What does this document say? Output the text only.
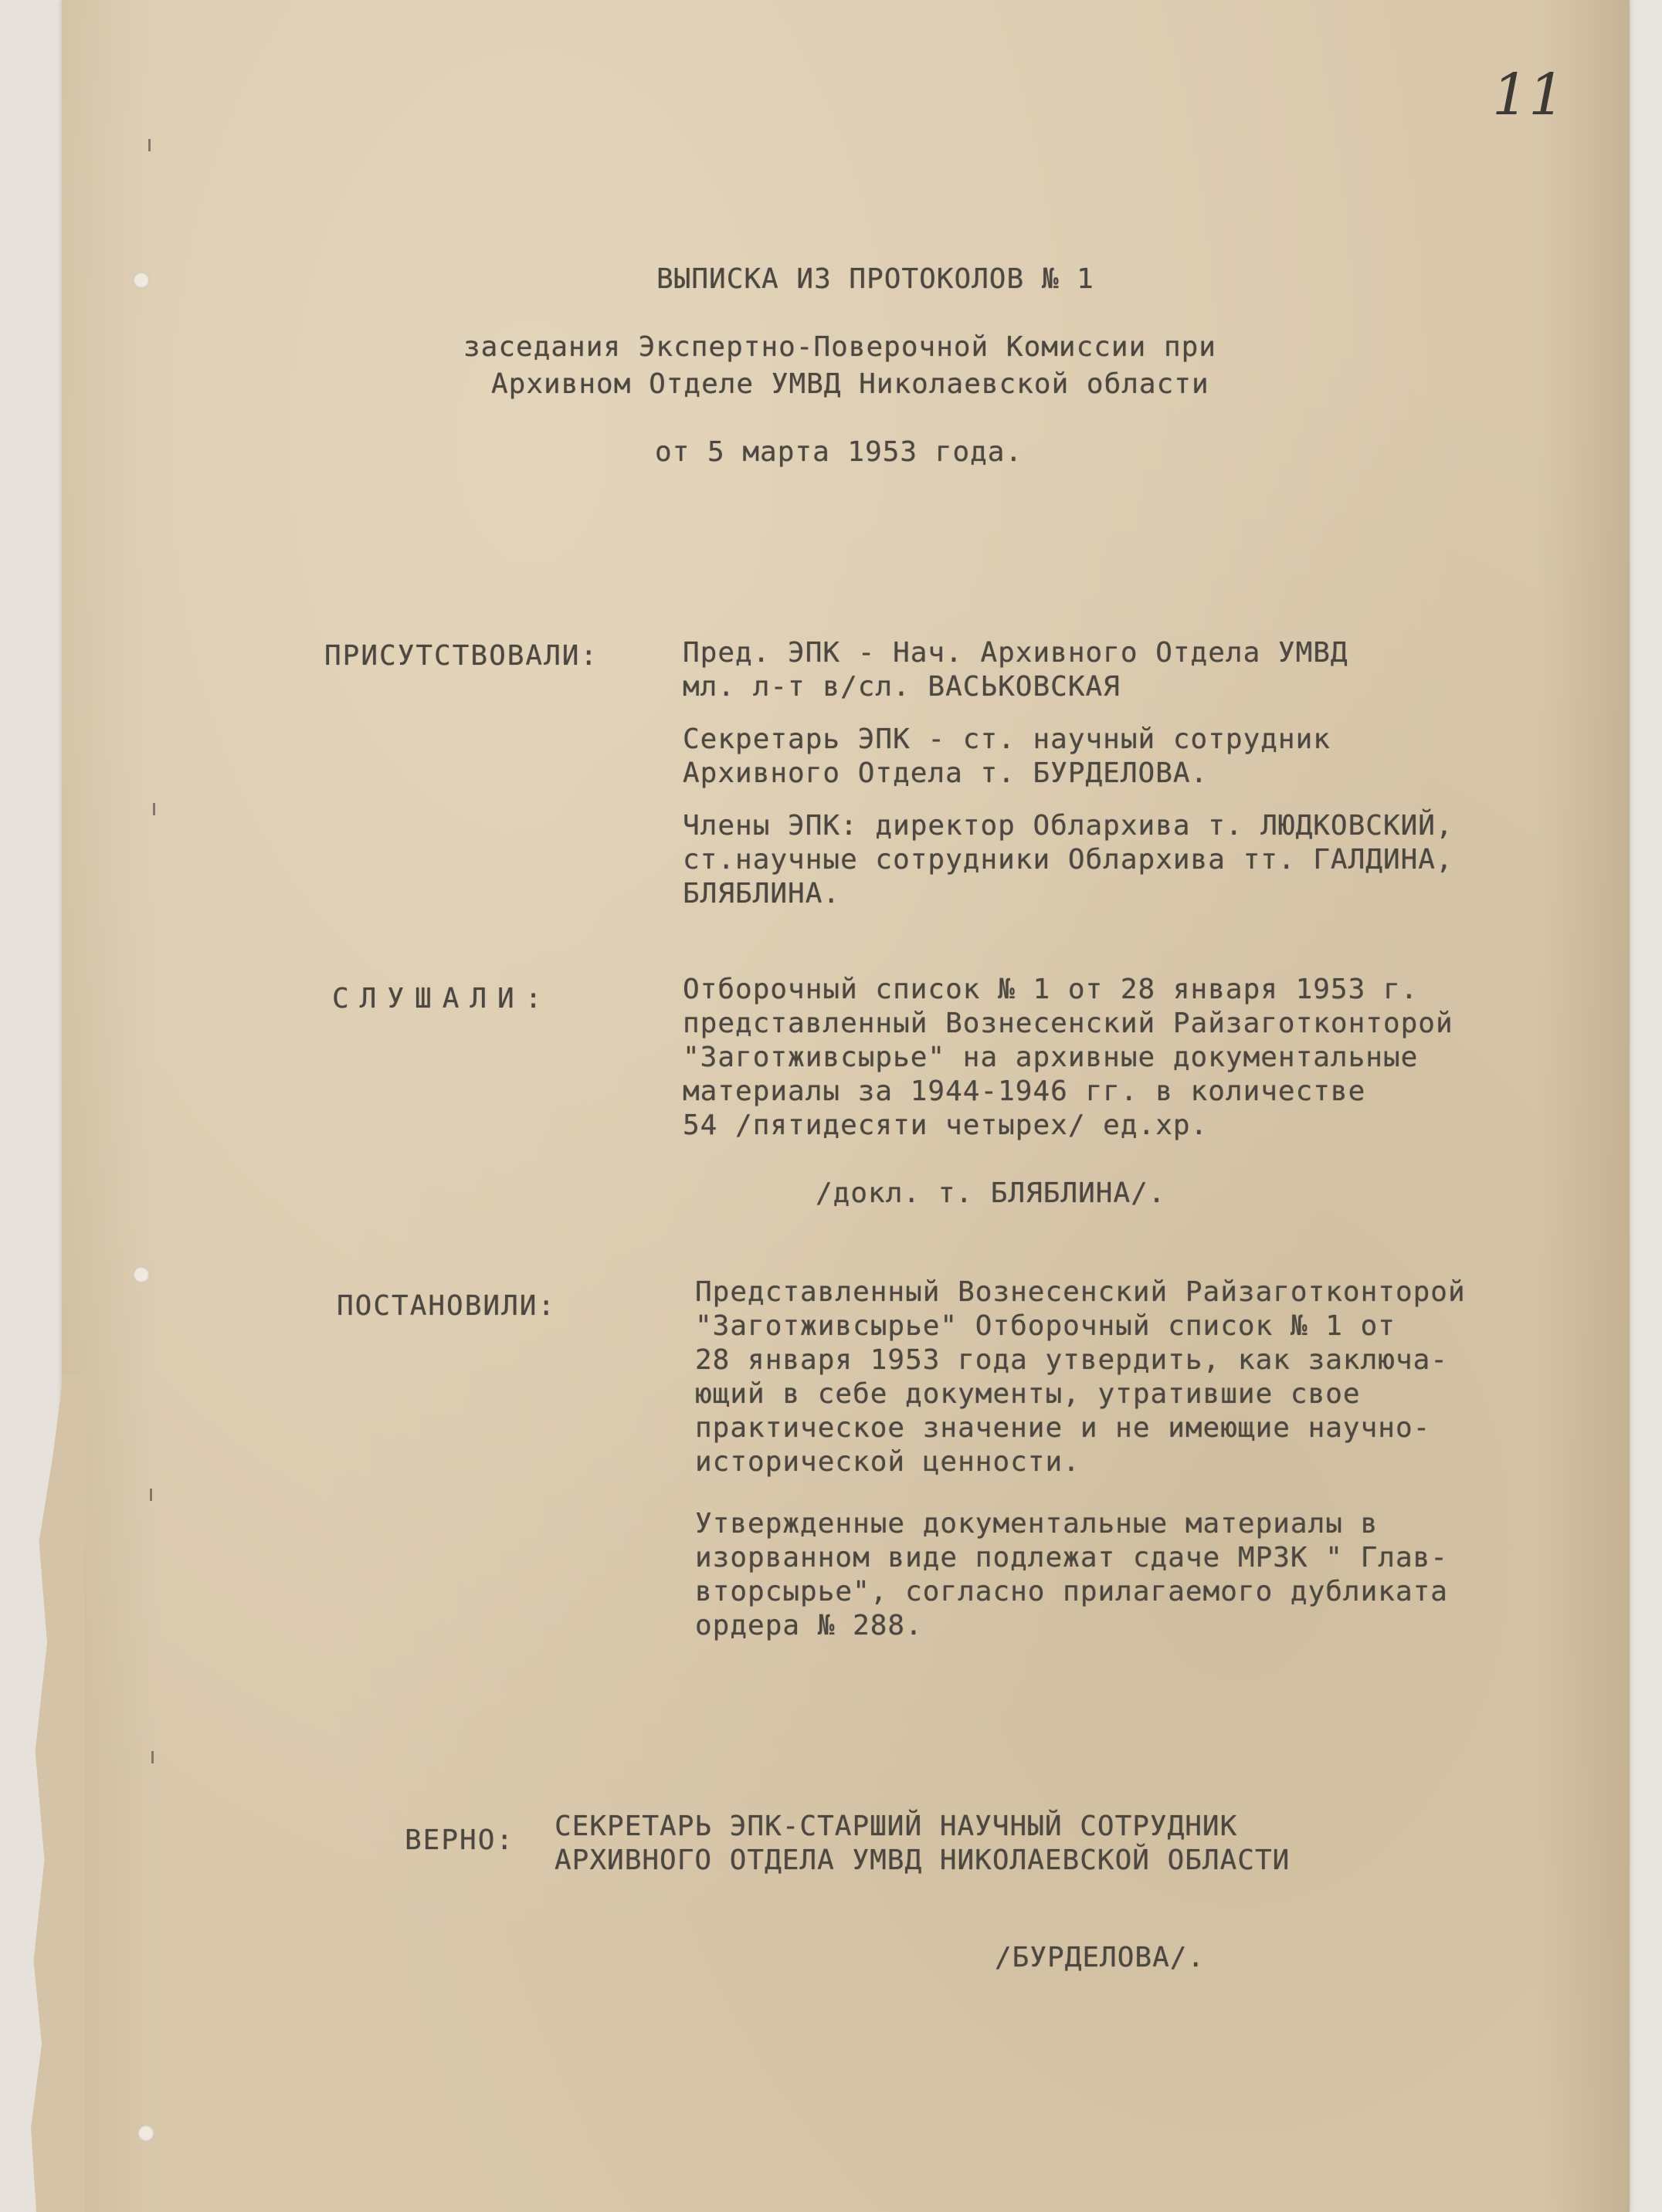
11
ВЫПИСКА ИЗ ПРОТОКОЛОВ № 1
заседания Экспертно-Поверочной Комиссии при
Архивном Отделе УМВД Николаевской области
от 5 марта 1953 года.
ПРИСУТСТВОВАЛИ:	Пред. ЭПК - Нач. Архивного Отдела УМВД
мл. л-т в/сл. ВАСЬКОВСКАЯ
Секретарь ЭПК - ст. научный сотрудник
Архивного Отдела т. БУРДЕЛОВА.
Члены ЭПК: директор Облархива т. ЛЮДКОВСКИЙ,
ст.научные сотрудники Облархива тт. ГАЛДИНА,
БЛЯБЛИНА.
СЛУШАЛИ:	Отборочный список № 1 от 28 января 1953 г.
представленный Вознесенский Райзаготконторой
"Заготживсырье" на архивные документальные
материалы за 1944-1946 гг. в количестве
54 /пятидесяти четырех/ ед.хр.
/докл. т. БЛЯБЛИНА/.
ПОСТАНОВИЛИ:	Представленный Вознесенский Райзаготконторой
"Заготживсырье" Отборочный список № 1 от
28 января 1953 года утвердить, как заключа-
ющий в себе документы, утратившие свое
практическое значение и не имеющие научно-
исторической ценности.
Утвержденные документальные материалы в
изорванном виде подлежат сдаче МРЗК " Глав-
вторсырье", согласно прилагаемого дубликата
ордера № 288.
ВЕРНО: СЕКРЕТАРЬ ЭПК-СТАРШИЙ НАУЧНЫЙ СОТРУДНИК
АРХИВНОГО ОТДЕЛА УМВД НИКОЛАЕВСКОЙ ОБЛАСТИ
/БУРДЕЛОВА/.
